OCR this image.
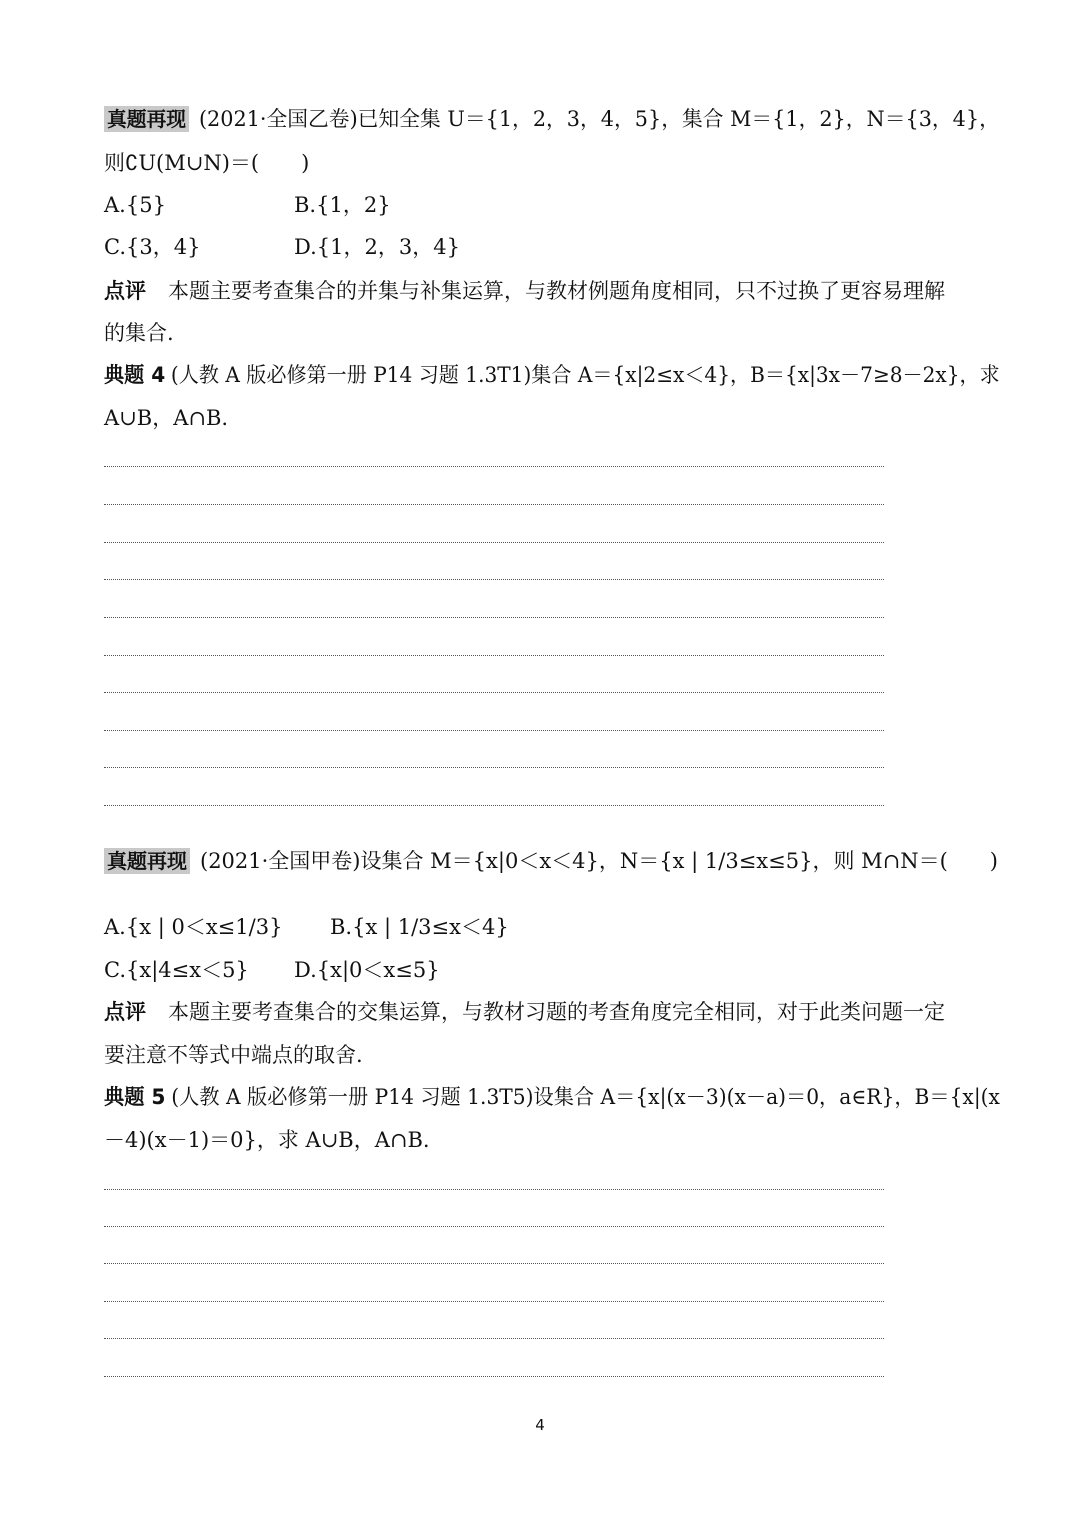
真题再现 (2021·全国乙卷)已知全集 U＝{1，2，3，4，5}，集合 M＝{1，2}，N＝{3，4}，
则∁U(M∪N)＝(　　)
A.{5}	B.{1，2}
C.{3，4}	D.{1，2，3，4}
点评 本题主要考查集合的并集与补集运算，与教材例题角度相同，只不过换了更容易理解
的集合.
典题 4 (人教 A 版必修第一册 P14 习题 1.3T1)集合 A＝{x|2≤x＜4}，B＝{x|3x－7≥8－2x}，求
A∪B，A∩B.
真题再现 (2021·全国甲卷)设集合 M＝{x|0＜x＜4}，N＝{x | 1/3≤x≤5}，则 M∩N＝(　　)
A.{x | 0＜x≤1/3} B.{x | 1/3≤x＜4}
C.{x|4≤x＜5} D.{x|0＜x≤5}
点评 本题主要考查集合的交集运算，与教材习题的考查角度完全相同，对于此类问题一定
要注意不等式中端点的取舍.
典题 5 (人教 A 版必修第一册 P14 习题 1.3T5)设集合 A＝{x|(x－3)(x－a)＝0，a∈R}，B＝{x|(x
－4)(x－1)＝0}，求 A∪B，A∩B.
4
